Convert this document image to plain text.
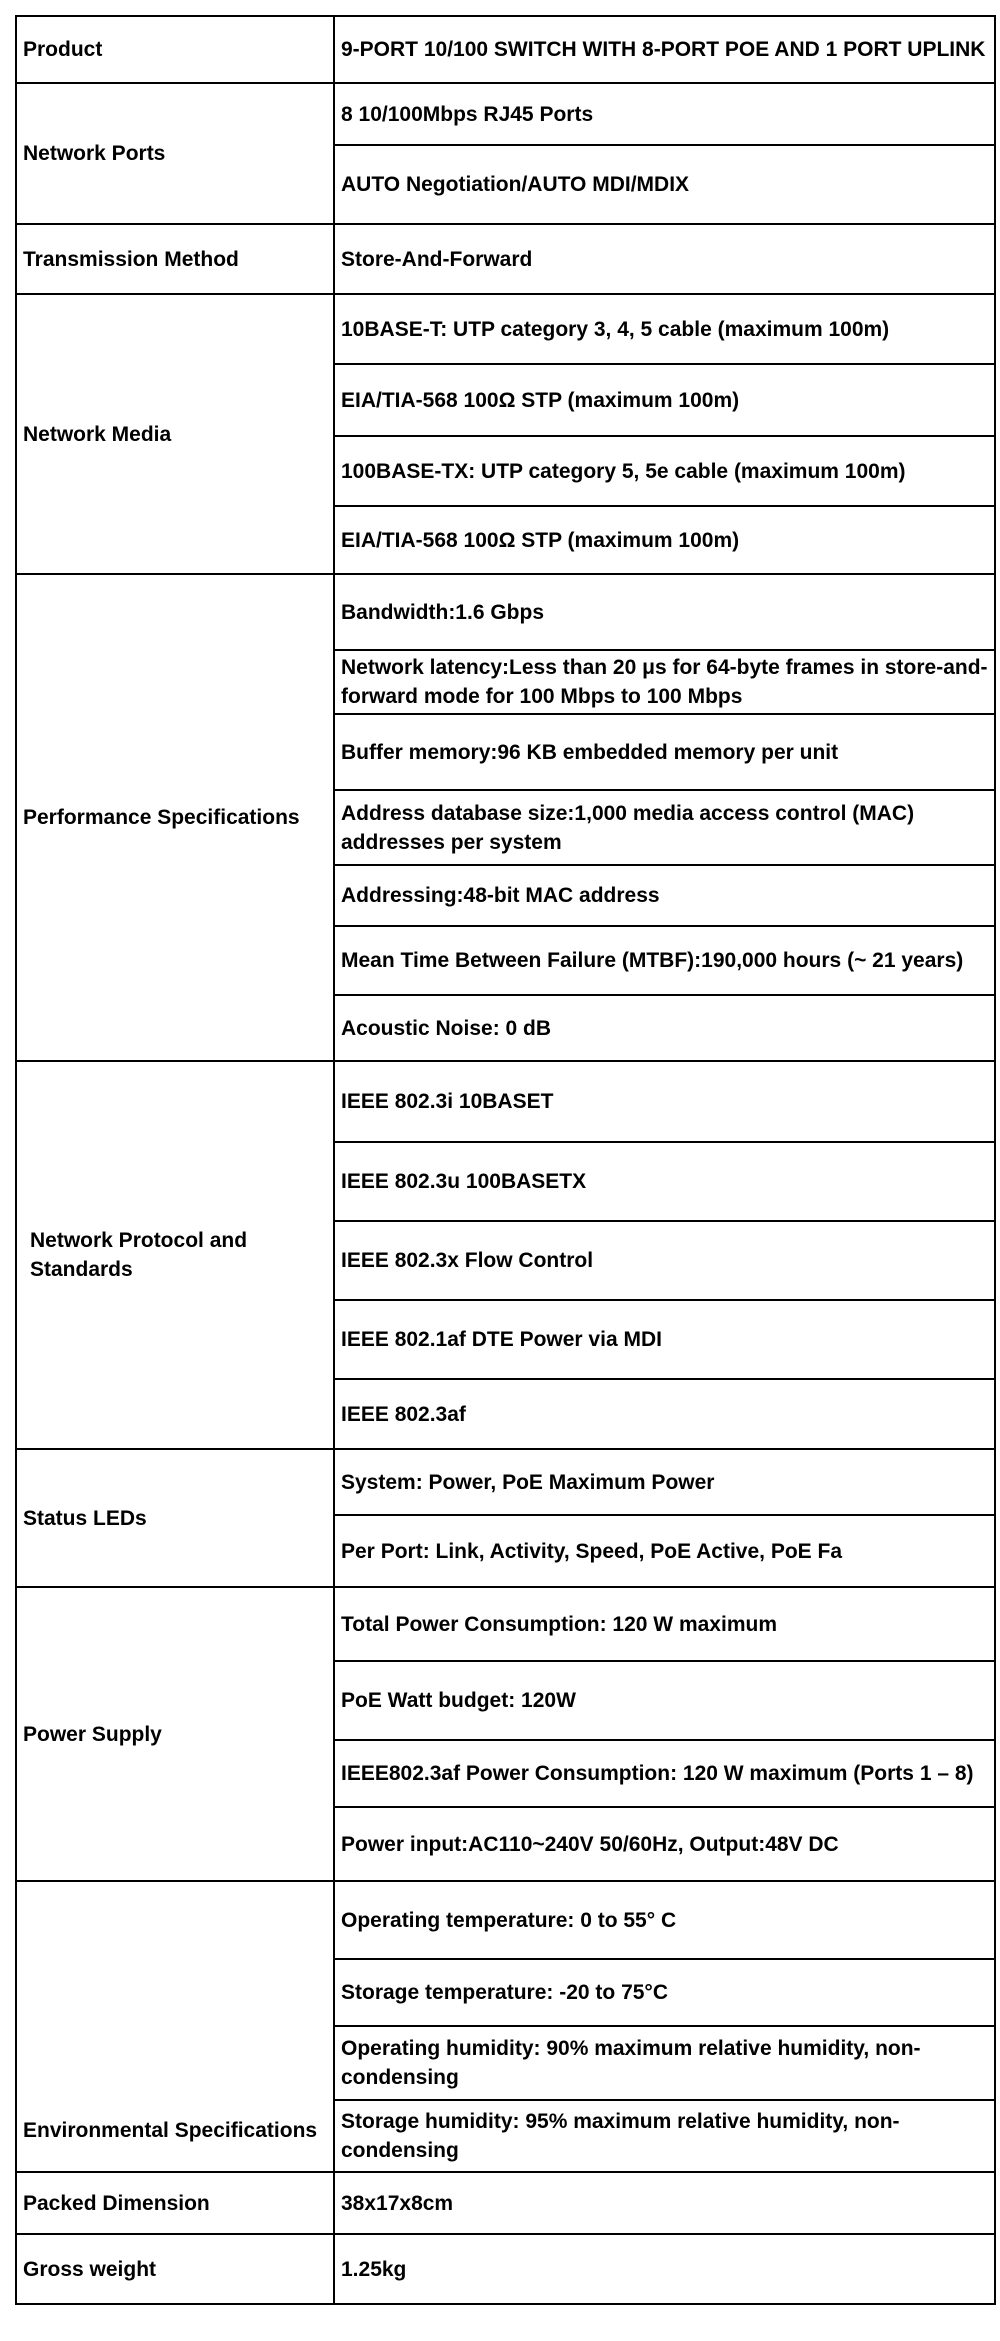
Product	9-PORT 10/100 SWITCH WITH 8-PORT POE AND 1 PORT UPLINK

Network Ports	8 10/100Mbps RJ45 Ports

	AUTO Negotiation/AUTO MDI/MDIX

Transmission Method	Store-And-Forward

Network Media	10BASE-T: UTP category 3, 4, 5 cable (maximum 100m)

	EIA/TIA-568 100Ω STP (maximum 100m)

	100BASE-TX: UTP category 5, 5e cable (maximum 100m)

	EIA/TIA-568 100Ω STP (maximum 100m)

Performance Specifications	Bandwidth:1.6 Gbps

	Network latency:Less than 20 μs for 64-byte frames in store-and-forward mode for 100 Mbps to 100 Mbps

	Buffer memory:96 KB embedded memory per unit

	Address database size:1,000 media access control (MAC) addresses per system

	Addressing:48-bit MAC address

	Mean Time Between Failure (MTBF):190,000 hours (~ 21 years)

	Acoustic Noise: 0 dB

Network Protocol and Standards	IEEE 802.3i 10BASET

	IEEE 802.3u 100BASETX

	IEEE 802.3x Flow Control

	IEEE 802.1af DTE Power via MDI

	IEEE 802.3af

Status LEDs	System: Power, PoE Maximum Power

	Per Port: Link, Activity, Speed, PoE Active, PoE Fa

Power Supply	Total Power Consumption: 120 W maximum

	PoE Watt budget: 120W

	IEEE802.3af Power Consumption: 120 W maximum (Ports 1 – 8)

	Power input:AC110~240V 50/60Hz, Output:48V DC

Environmental Specifications	Operating temperature: 0 to 55° C

	Storage temperature: -20 to 75°C

	Operating humidity: 90% maximum relative humidity, non-condensing

	Storage humidity: 95% maximum relative humidity, non-condensing

Packed Dimension	38x17x8cm

Gross weight	1.25kg
